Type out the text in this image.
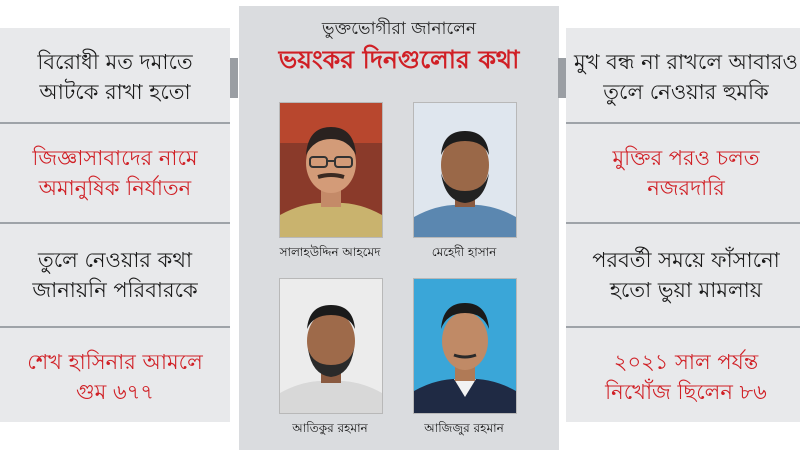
বিরোধী মত দমাতে
আটকে রাখা হতো
জিজ্ঞাসাবাদের নামে
অমানুষিক নির্যাতন
তুলে নেওয়ার কথা
জানায়নি পরিবারকে
শেখ হাসিনার আমলে
গুম ৬৭৭
ভুক্তভোগীরা জানালেন
ভয়ংকর দিনগুলোর কথা
সালাহউদ্দিন আহমেদ	মেহেদী হাসান
আতিকুর রহমান	আজিজুর রহমান
মুখ বন্ধ না রাখলে আবারও
তুলে নেওয়ার হুমকি
মুক্তির পরও চলত
নজরদারি
পরবর্তী সময়ে ফাঁসানো
হতো ভুয়া মামলায়
২০২১ সাল পর্যন্ত
নিখোঁজ ছিলেন ৮৬
